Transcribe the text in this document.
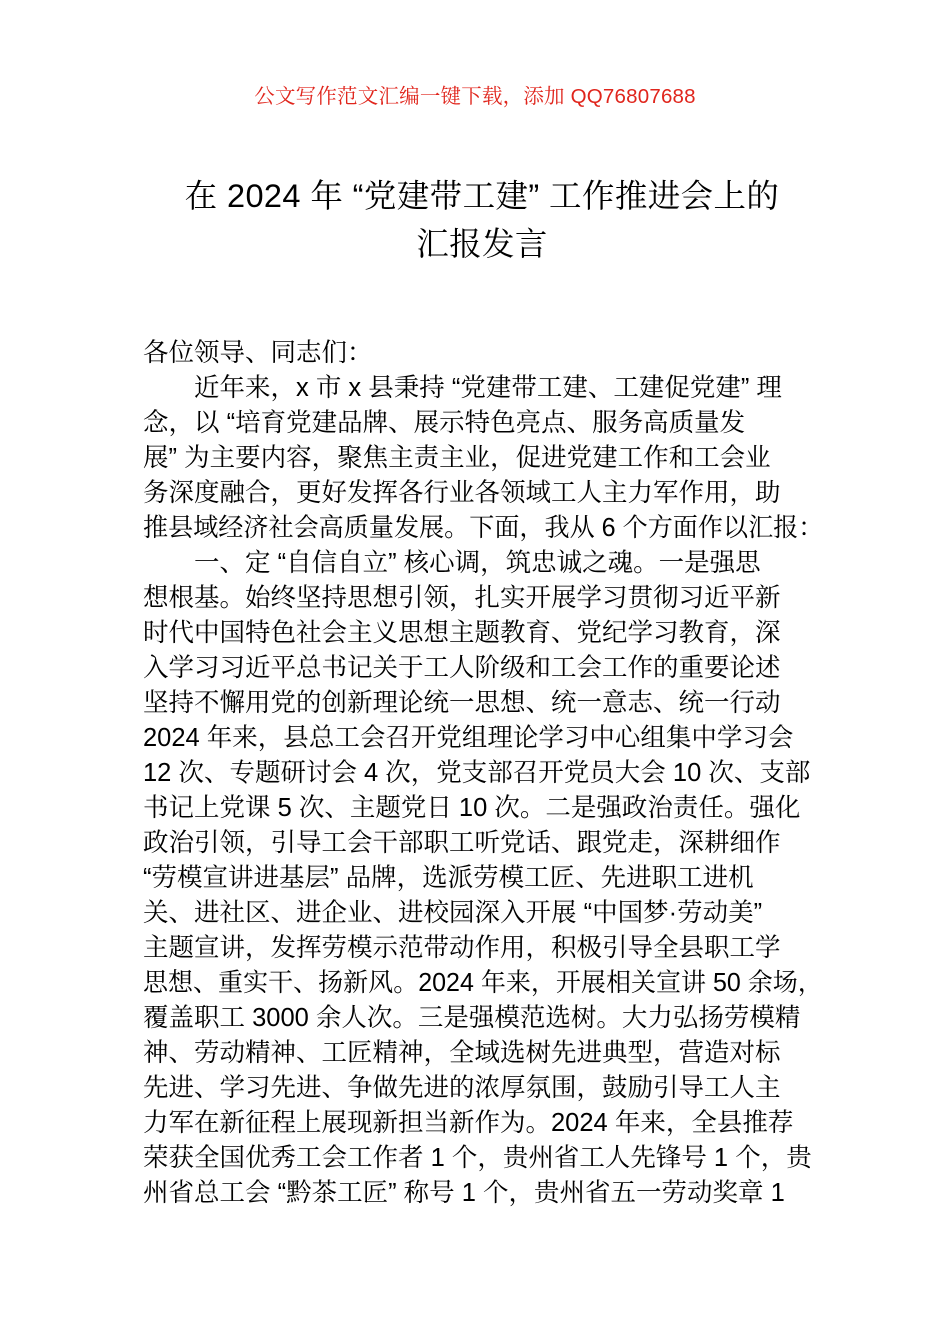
公文写作范文汇编一键下载，添加 QQ76807688
在 2024 年 “党建带工建” 工作推进会上的
汇报发言
各位领导、同志们：
　　近年来，x 市 x 县秉持 “党建带工建、工建促党建” 理
念，以 “培育党建品牌、展示特色亮点、服务高质量发
展” 为主要内容，聚焦主责主业，促进党建工作和工会业
务深度融合，更好发挥各行业各领域工人主力军作用，助
推县域经济社会高质量发展。下面，我从 6 个方面作以汇报：
　　一、定 “自信自立” 核心调，筑忠诚之魂。一是强思
想根基。始终坚持思想引领，扎实开展学习贯彻习近平新
时代中国特色社会主义思想主题教育、党纪学习教育，深
入学习习近平总书记关于工人阶级和工会工作的重要论述
坚持不懈用党的创新理论统一思想、统一意志、统一行动
2024 年来，县总工会召开党组理论学习中心组集中学习会
12 次、专题研讨会 4 次，党支部召开党员大会 10 次、支部
书记上党课 5 次、主题党日 10 次。二是强政治责任。强化
政治引领，引导工会干部职工听党话、跟党走，深耕细作
“劳模宣讲进基层” 品牌，选派劳模工匠、先进职工进机
关、进社区、进企业、进校园深入开展 “中国梦·劳动美”
主题宣讲，发挥劳模示范带动作用，积极引导全县职工学
思想、重实干、扬新风。2024 年来，开展相关宣讲 50 余场，
覆盖职工 3000 余人次。三是强模范选树。大力弘扬劳模精
神、劳动精神、工匠精神，全域选树先进典型，营造对标
先进、学习先进、争做先进的浓厚氛围，鼓励引导工人主
力军在新征程上展现新担当新作为。2024 年来，全县推荐
荣获全国优秀工会工作者 1 个，贵州省工人先锋号 1 个，贵
州省总工会 “黔茶工匠” 称号 1 个，贵州省五一劳动奖章 1
